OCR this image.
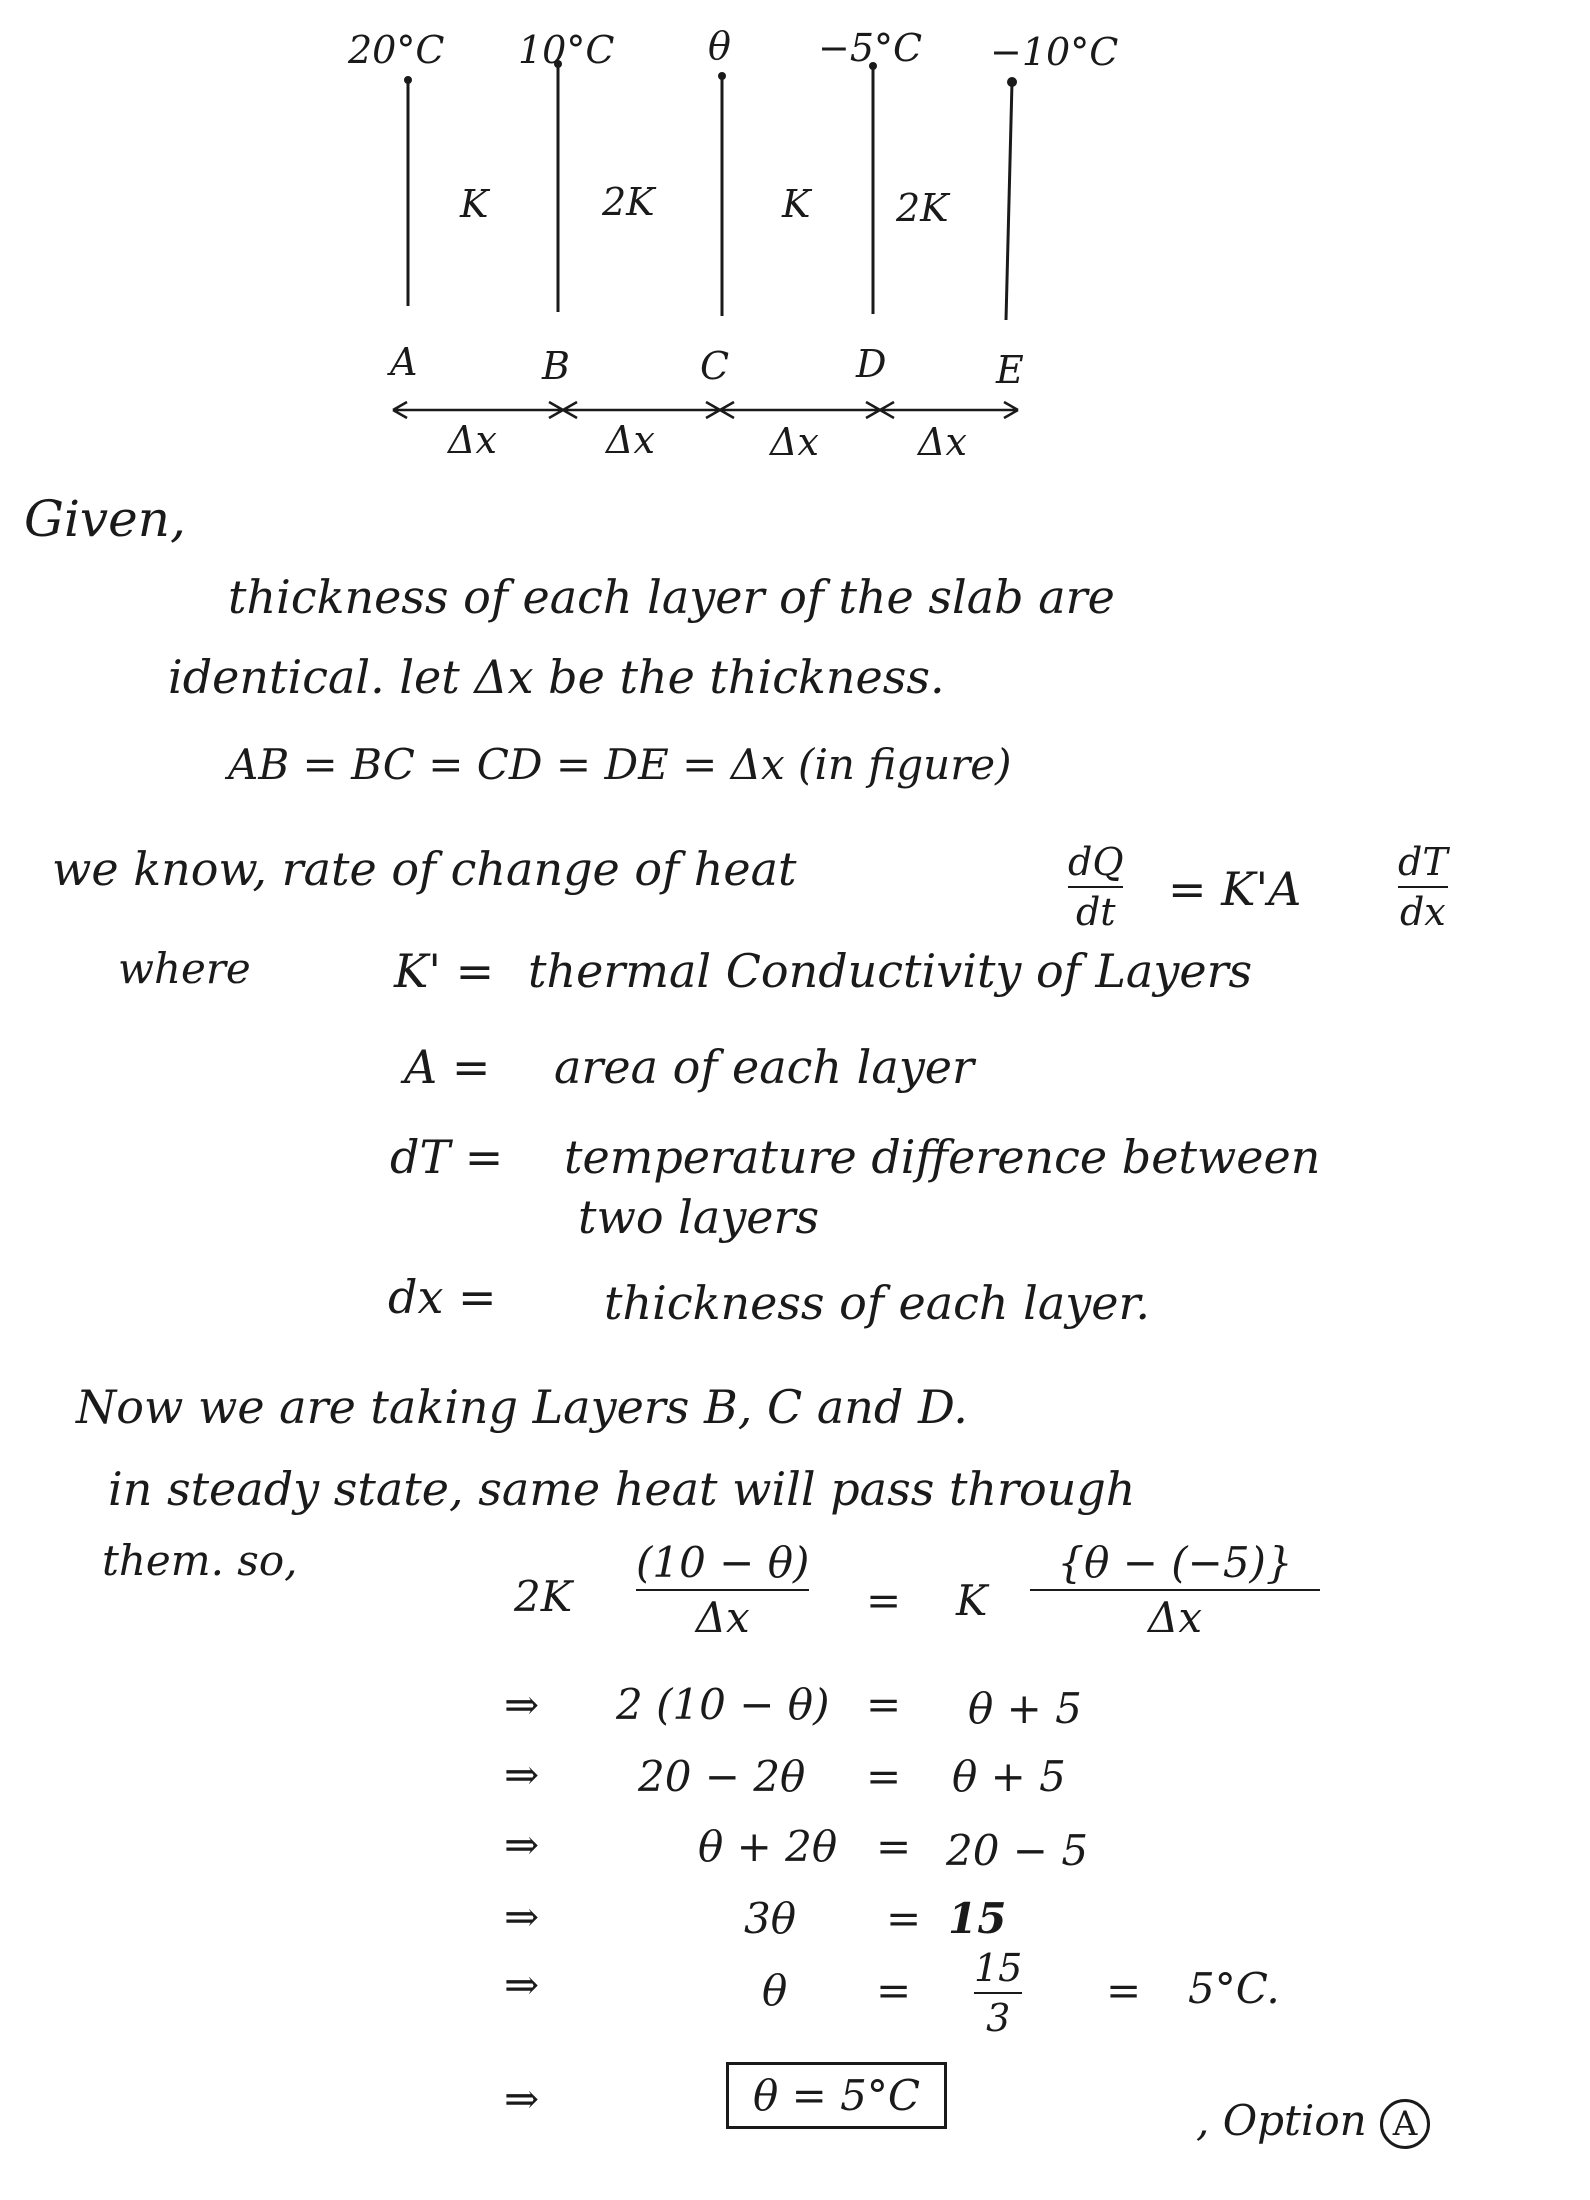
20°C 10°C θ −5°C −10°C
K	2K	K 2K
A	B	C	D	E
Δx	Δx	Δx	Δx
Given,
thickness of each layer of the slab are
identical. let Δx be the thickness.
AB = BC = CD = DE = Δx (in figure)
we know, rate of change of heat	dQ
dt = K'A	dT
dx
where	K' = thermal Conductivity of Layers
A = area of each layer
dT = temperature difference between
two layers
dx = thickness of each layer.
Now we are taking Layers B, C and D.
in steady state, same heat will pass through
them. so,
2K
(10 − θ)
Δx	= K
{θ − (−5)}
Δx
⇒ 2 (10 − θ) = θ + 5
⇒ 20 − 2θ = θ + 5
⇒	θ + 2θ = 20 − 5
⇒	3θ = 15
⇒	θ = 15
3
= 5°C.
⇒	θ = 5°C
, Option A
